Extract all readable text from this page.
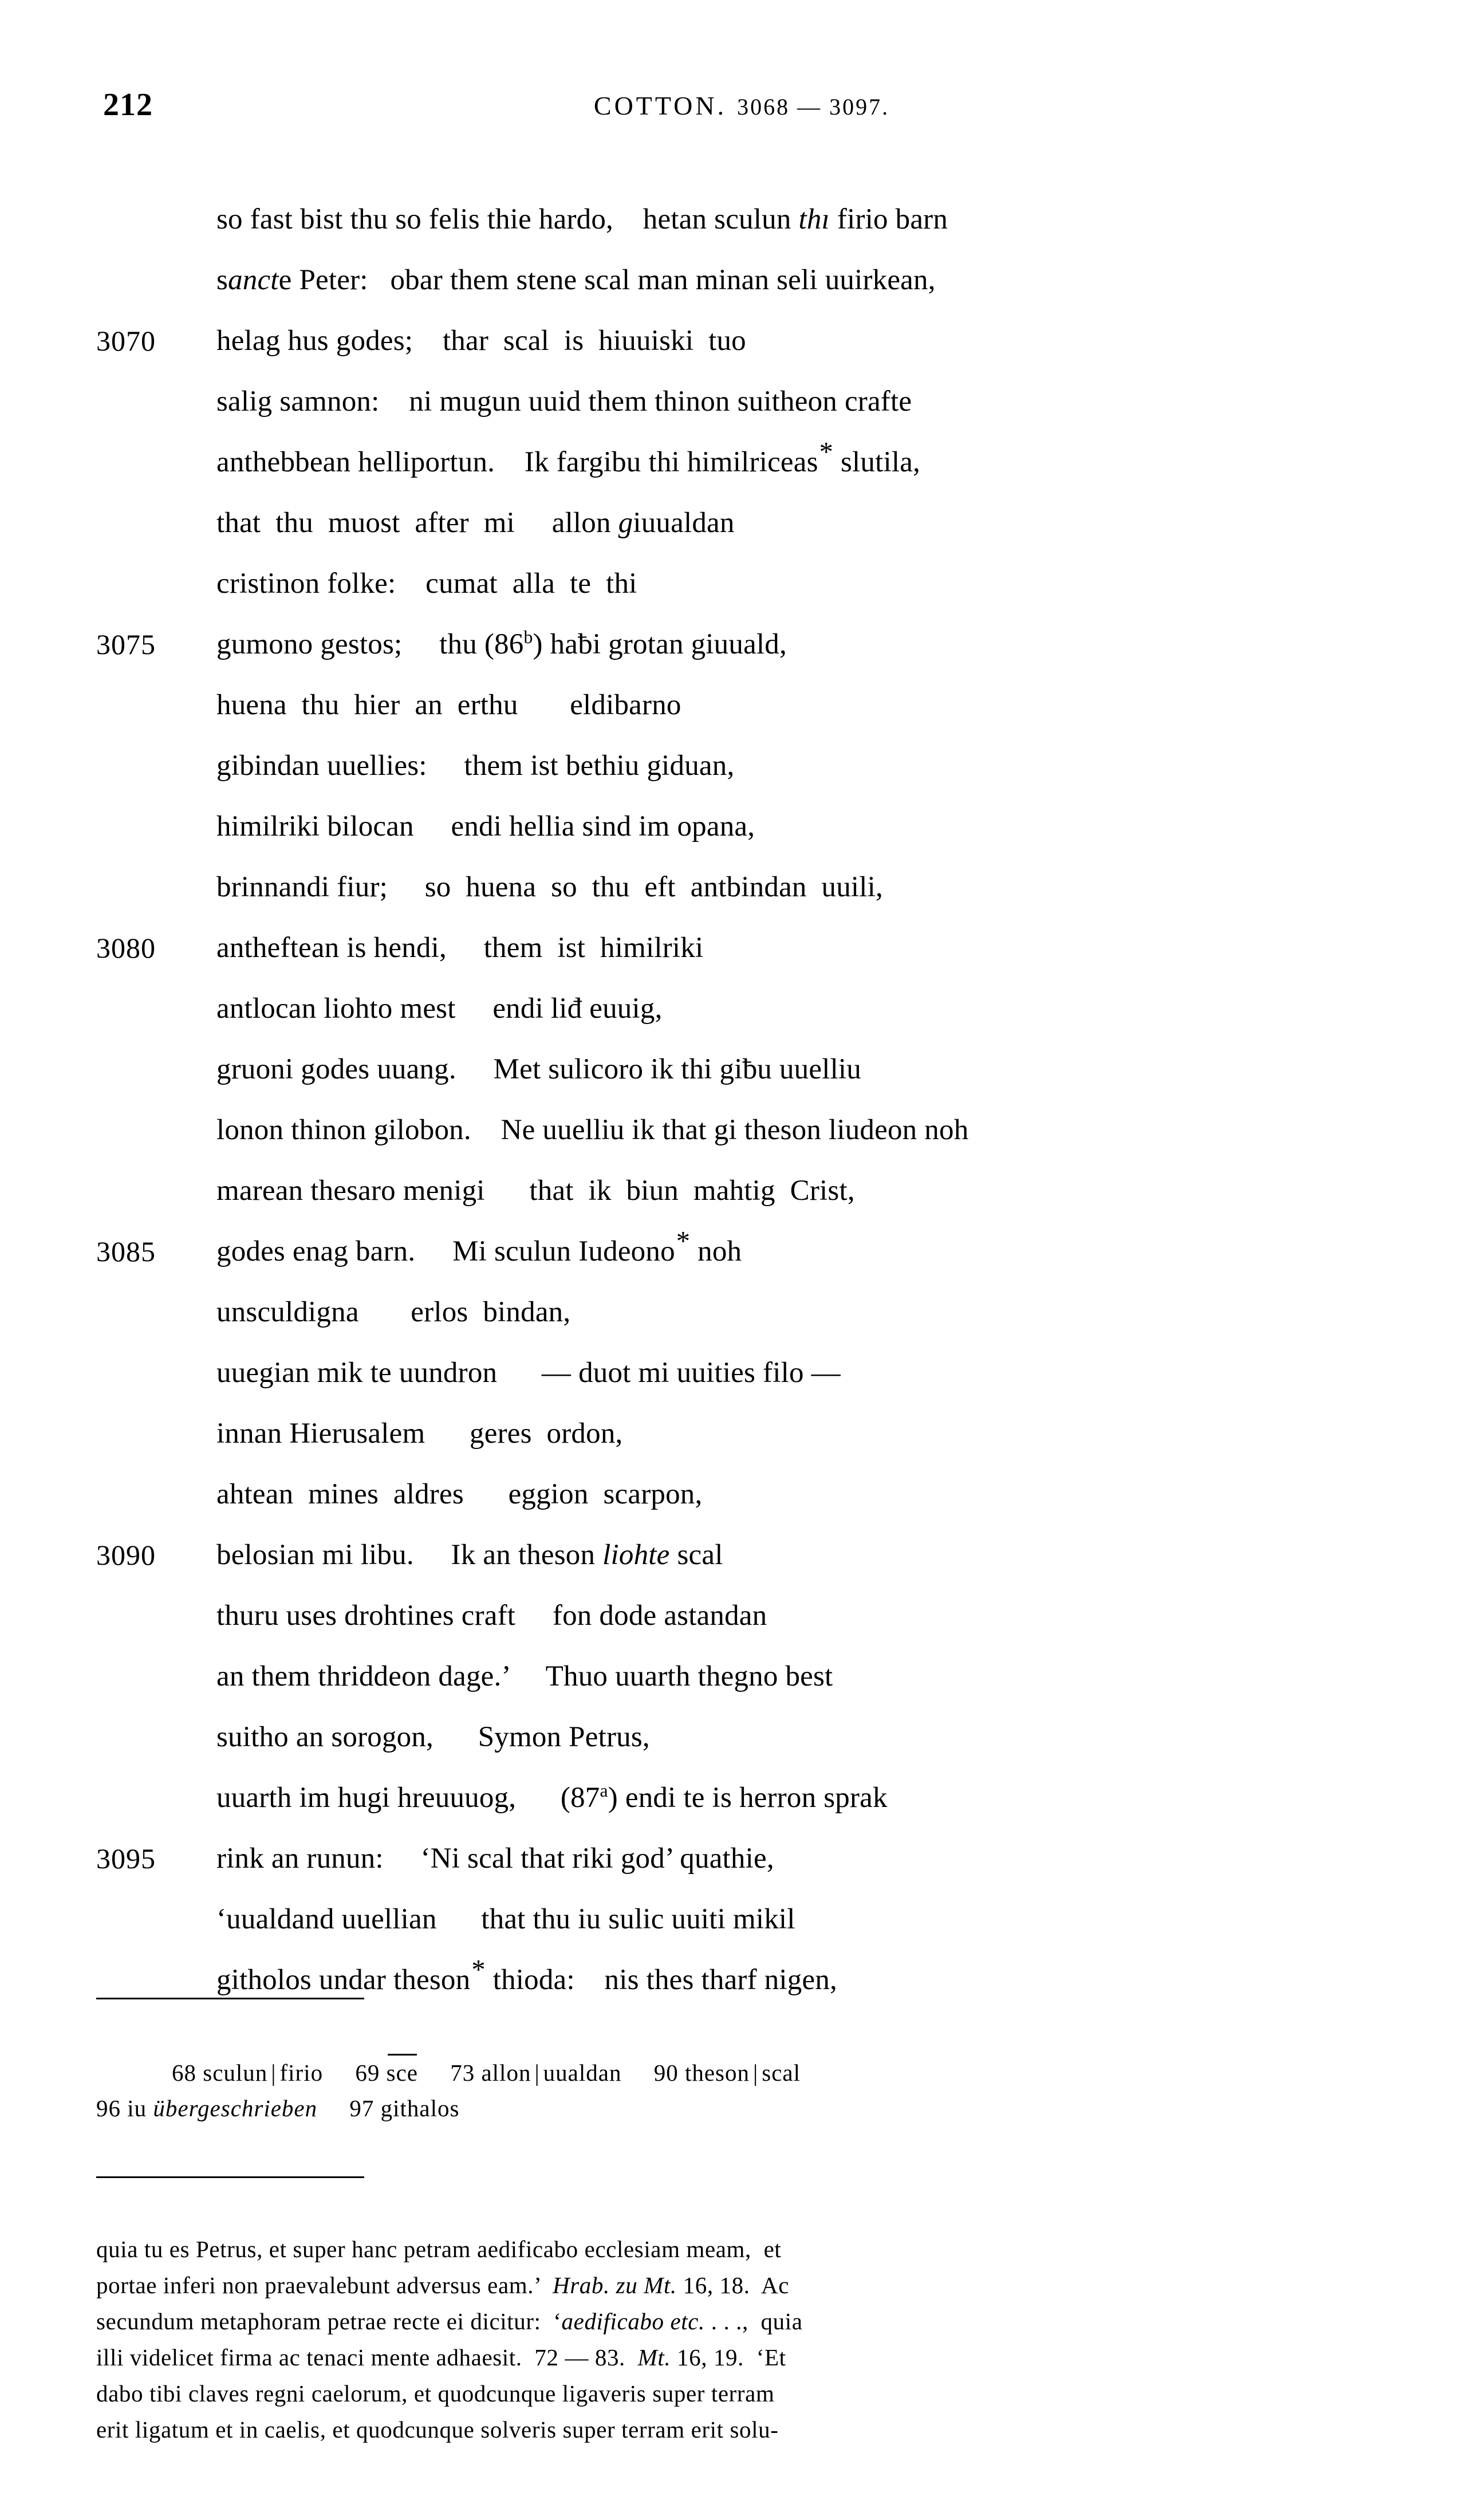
212	COTTON. 3068 — 3097.
so fast bist thu so felis thie hardo,    hetan sculun thı firio barn
sancte Peter:   obar them stene scal man minan seli uuirkean,
3070	helag hus godes;    thar  scal  is  hiuuiski  tuo
salig samnon:    ni mugun uuid them thinon suitheon crafte
anthebbean helliportun.    Ik fargibu thi himilriceas* slutila,
that  thu  muost  after  mi     allon giuualdan
cristinon folke:    cumat  alla  te  thi
3075	gumono gestos;     thu (86$^b$) haƀi grotan giuuald,
huena  thu  hier  an  erthu       eldibarno
gibindan uuellies:     them ist bethiu giduan,
himilriki bilocan     endi hellia sind im opana,
brinnandi fiur;     so  huena  so  thu  eft  antbindan  uuili,
3080	antheftean is hendi,     them  ist  himilriki
antlocan liohto mest     endi liđ euuig,
gruoni godes uuang.     Met sulicoro ik thi giƀu uuelliu
lonon thinon gilobon.    Ne uuelliu ik that gi theson liudeon noh
marean thesaro menigi      that  ik  biun  mahtig  Crist,
3085	godes enag barn.     Mi sculun Iudeono* noh
unsculdigna       erlos  bindan,
uuegian mik te uundron      — duot mi uuities filo —
innan Hierusalem      geres  ordon,
ahtean  mines  aldres      eggion  scarpon,
3090	belosian mi libu.     Ik an theson liohte scal
thuru uses drohtines craft     fon dode astandan
an them thriddeon dage.’     Thuo uuarth thegno best
suitho an sorogon,      Symon Petrus,
uuarth im hugi hreuuuog,      (87$^a$) endi te is herron sprak
3095	rink an runun:     ‘Ni scal that riki god’ quathie,
‘uualdand uuellian      that thu iu sulic uuiti mikil
githolos undar theson* thioda:    nis thes tharf nigen,
68 sculun | firio 69 sce 73 allon | uualdan 90 theson | scal
96 iu übergeschrieben 97 githalos
quia tu es Petrus, et super hanc petram aedificabo ecclesiam meam,  et
portae inferi non praevalebunt adversus eam.’  Hrab. zu Mt. 16, 18.  Ac
secundum metaphoram petrae recte ei dicitur:  ‘aedificabo etc. . . .,  quia
illi videlicet firma ac tenaci mente adhaesit.  72 — 83.  Mt. 16, 19.  ‘Et
dabo tibi claves regni caelorum, et quodcunque ligaveris super terram
erit ligatum et in caelis, et quodcunque solveris super terram erit solu-
